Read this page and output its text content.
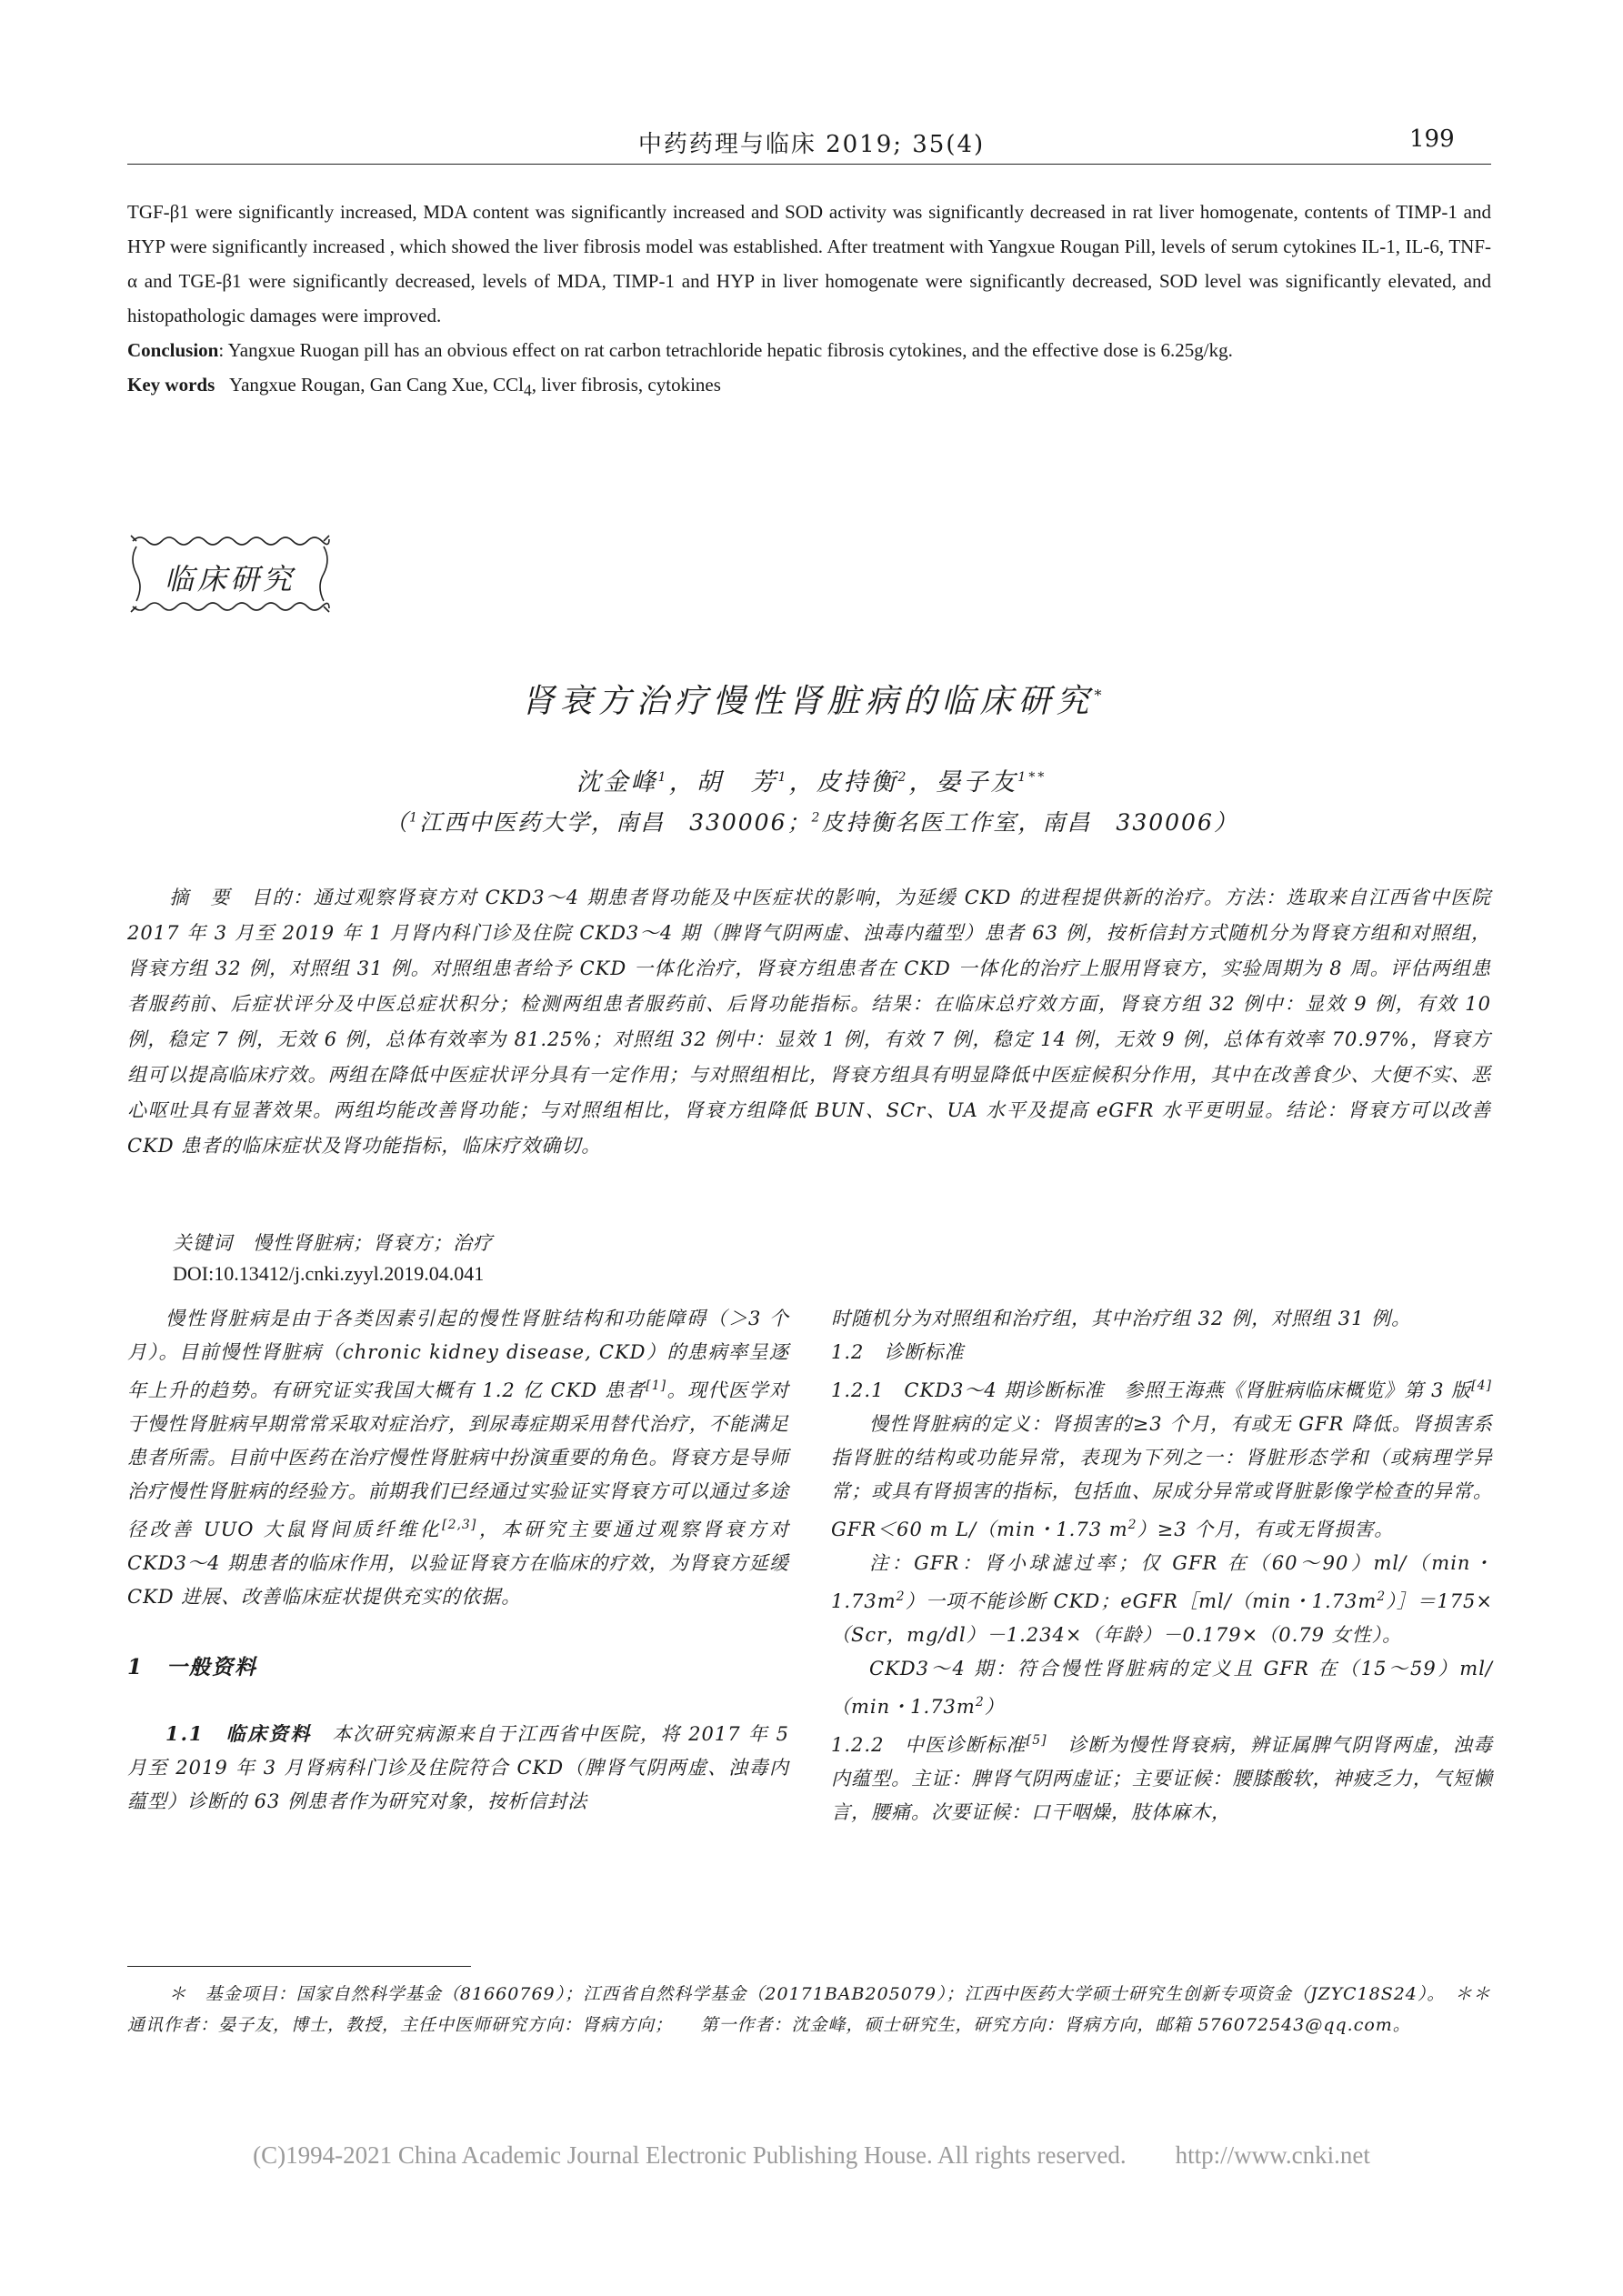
中药药理与临床 2019; 35(4)	199

TGF-β1 were significantly increased, MDA content was significantly increased and SOD activity was significantly decreased in rat liver homogenate, contents of TIMP-1 and HYP were significantly increased , which showed the liver fibrosis model was established. After treatment with Yangxue Rougan Pill, levels of serum cytokines IL-1, IL-6, TNF-α and TGE-β1 were significantly decreased, levels of MDA, TIMP-1 and HYP in liver homogenate were significantly decreased, SOD level was significantly elevated, and histopathologic damages were improved.

Conclusion: Yangxue Ruogan pill has an obvious effect on rat carbon tetrachloride hepatic fibrosis cytokines, and the effective dose is 6.25g/kg.

Key words Yangxue Rougan, Gan Cang Xue, CCl$_4$, liver fibrosis, cytokines

临床研究
肾衰方治疗慢性肾脏病的临床研究*
沈金峰$^1$，胡　芳$^1$，皮持衡$^2$，晏子友$^{1**}$
（$^1$江西中医药大学，南昌　330006；$^2$皮持衡名医工作室，南昌　330006）

摘　要　目的：通过观察肾衰方对 CKD3～4 期患者肾功能及中医症状的影响，为延缓 CKD 的进程提供新的治疗。方法：选取来自江西省中医院 2017 年 3 月至 2019 年 1 月肾内科门诊及住院 CKD3～4 期（脾肾气阴两虚、浊毒内蕴型）患者 63 例，按析信封方式随机分为肾衰方组和对照组，肾衰方组 32 例，对照组 31 例。对照组患者给予 CKD 一体化治疗，肾衰方组患者在 CKD 一体化的治疗上服用肾衰方，实验周期为 8 周。评估两组患者服药前、后症状评分及中医总症状积分；检测两组患者服药前、后肾功能指标。结果：在临床总疗效方面，肾衰方组 32 例中：显效 9 例，有效 10 例，稳定 7 例，无效 6 例，总体有效率为 81.25%；对照组 32 例中：显效 1 例，有效 7 例，稳定 14 例，无效 9 例，总体有效率 70.97%，肾衰方组可以提高临床疗效。两组在降低中医症状评分具有一定作用；与对照组相比，肾衰方组具有明显降低中医症候积分作用，其中在改善食少、大便不实、恶心呕吐具有显著效果。两组均能改善肾功能；与对照组相比，肾衰方组降低 BUN、SCr、UA 水平及提高 eGFR 水平更明显。结论：肾衰方可以改善 CKD 患者的临床症状及肾功能指标，临床疗效确切。

关键词　慢性肾脏病；肾衰方；治疗
DOI:10.13412/j.cnki.zyyl.2019.04.041

慢性肾脏病是由于各类因素引起的慢性肾脏结构和功能障碍（＞3 个月）。目前慢性肾脏病（chronic kidney disease, CKD）的患病率呈逐年上升的趋势。有研究证实我国大概有 1.2 亿 CKD 患者[1]。现代医学对于慢性肾脏病早期常常采取对症治疗，到尿毒症期采用替代治疗，不能满足患者所需。目前中医药在治疗慢性肾脏病中扮演重要的角色。肾衰方是导师治疗慢性肾脏病的经验方。前期我们已经通过实验证实肾衰方可以通过多途径改善 UUO 大鼠肾间质纤维化[2,3]，本研究主要通过观察肾衰方对 CKD3～4 期患者的临床作用，以验证肾衰方在临床的疗效，为肾衰方延缓 CKD 进展、改善临床症状提供充实的依据。

1　一般资料

1.1　临床资料　 本次研究病源来自于江西省中医院，将 2017 年 5 月至 2019 年 3 月肾病科门诊及住院符合 CKD（脾肾气阴两虚、浊毒内蕴型）诊断的 63 例患者作为研究对象，按析信封法

时随机分为对照组和治疗组，其中治疗组 32 例，对照组 31 例。

1.2　诊断标准

1.2.1　CKD3～4 期诊断标准　参照王海燕《肾脏病临床概览》第 3 版[4]

慢性肾脏病的定义：肾损害的≥3 个月，有或无 GFR 降低。肾损害系指肾脏的结构或功能异常，表现为下列之一：肾脏形态学和（或病理学异常；或具有肾损害的指标，包括血、尿成分异常或肾脏影像学检查的异常。GFR＜60 m L/（min・1.73 $m^2)\ge 3$ 个月，有或无肾损害。

注：GFR：肾小球滤过率；仅 GFR 在（60～90）ml/（min・$1.73m^2$）一项不能诊断 CKD；eGFR［ml/（min・$1.73m^2)]=175\times(Scr$，mg/dl）－1.234×（年龄）－0.179×（0.79 女性）。

CKD3～4 期：符合慢性肾脏病的定义且 GFR 在（15～59）ml/（min・$1.73m^2$）

1.2.2　中医诊断标准[5]　诊断为慢性肾衰病，辨证属脾气阴肾两虚，浊毒内蕴型。主证：脾肾气阴两虚证；主要证候：腰膝酸软，神疲乏力，气短懒言，腰痛。次要证候：口干咽燥，肢体麻木，

＊　基金项目：国家自然科学基金（81660769）；江西省自然科学基金（20171BAB205079）；江西中医药大学硕士研究生创新专项资金（JZYC18S24）。　＊＊通讯作者：晏子友，博士，教授，主任中医师研究方向：肾病方向；　　第一作者：沈金峰，硕士研究生，研究方向：肾病方向，邮箱 576072543@qq.com。

(C)1994-2021 China Academic Journal Electronic Publishing House. All rights reserved.　　http://www.cnki.net
